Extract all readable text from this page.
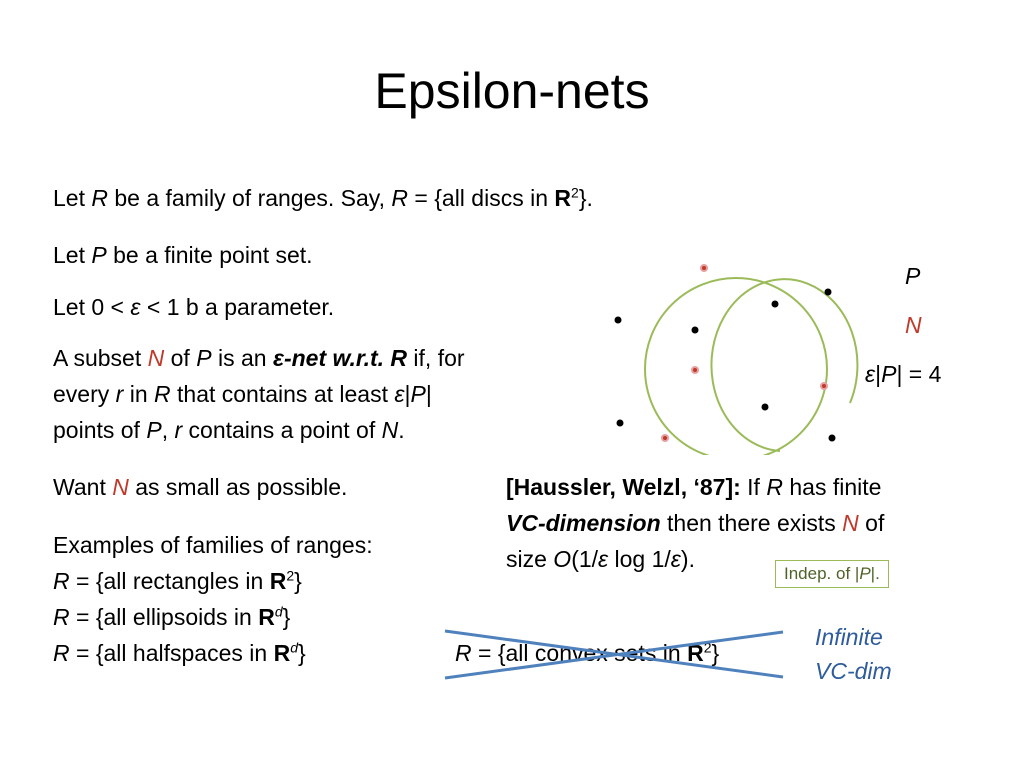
Epsilon-nets
Let R be a family of ranges. Say, R = {all discs in $R^2$}.
Let P be a finite point set.
Let 0 < ε < 1 b a parameter.
A subset N of P is an ε-net w.r.t. R if, for
every r in R that contains at least ε|P|
points of P, r contains a point of N.
Want N as small as possible.
Examples of families of ranges:
R = {all rectangles in $R^2$}
R = {all ellipsoids in $R^d$}
R = {all halfspaces in $R^d$}
[Haussler, Welzl, ‘87]: If R has finite
VC-dimension then there exists N of
size O(1/ε log 1/ε).
Indep. of |P|.
R = {all convex sets in $R^2$}
Infinite
VC-dim
P
N
ε|P| = 4
